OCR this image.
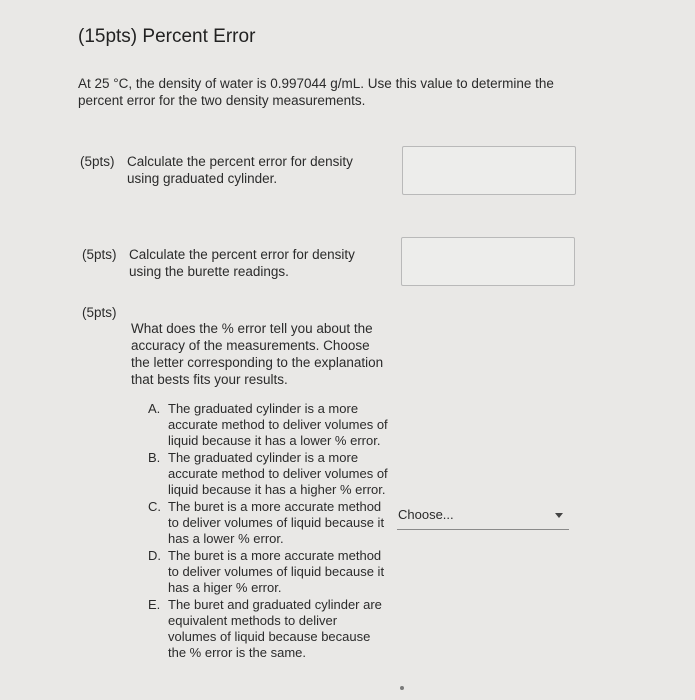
(15pts) Percent Error
At 25 °C, the density of water is 0.997044 g/mL. Use this value to determine the percent error for the two density measurements.
(5pts) Calculate the percent error for density using graduated cylinder.
(5pts) Calculate the percent error for density using the burette readings.
(5pts)
What does the % error tell you about the accuracy of the measurements. Choose the letter corresponding to the explanation that bests fits your results.
A. The graduated cylinder is a more accurate method to deliver volumes of liquid because it has a lower % error.
B. The graduated cylinder is a more accurate method to deliver volumes of liquid because it has a higher % error.
C. The buret is a more accurate method to deliver volumes of liquid because it has a lower % error.
D. The buret is a more accurate method to deliver volumes of liquid because it has a higer % error.
E. The buret and graduated cylinder are equivalent methods to deliver volumes of liquid because because the % error is the same.
Choose...
